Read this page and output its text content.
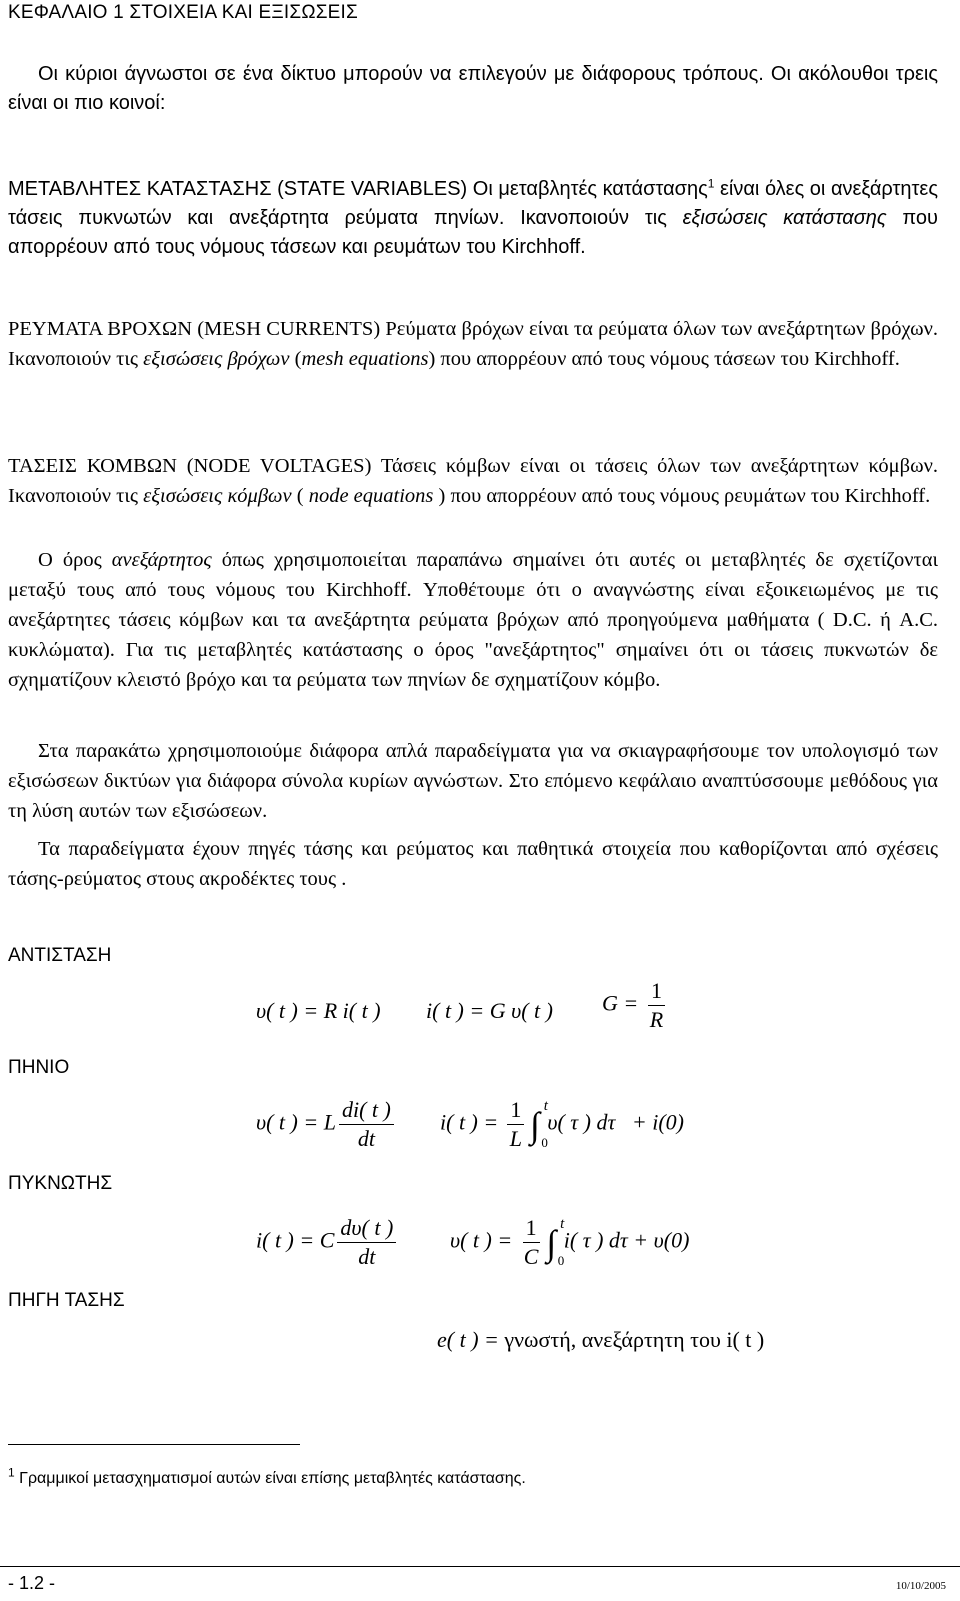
ΚΕΦΑΛΑΙΟ 1 ΣΤΟΙΧΕΙΑ ΚΑΙ ΕΞΙΣΩΣΕΙΣ

Οι κύριοι άγνωστοι σε ένα δίκτυο μπορούν να επιλεγούν με διάφορους τρόπους. Οι ακόλουθοι τρεις είναι οι πιο κοινοί:

ΜΕΤΑΒΛΗΤΕΣ ΚΑΤΑΣΤΑΣΗΣ (STATE VARIABLES) Οι μεταβλητές κατάστασης$^1$ είναι όλες οι ανεξάρτητες τάσεις πυκνωτών και ανεξάρτητα ρεύματα πηνίων. Ικανοποιούν τις εξισώσεις κατάστασης που απορρέουν από τους νόμους τάσεων και ρευμάτων του Kirchhoff.

ΡΕΥΜΑΤΑ ΒΡΟΧΩΝ (MESH CURRENTS) Ρεύματα βρόχων είναι τα ρεύματα όλων των ανεξάρτητων βρόχων. Ικανοποιούν τις εξισώσεις βρόχων (mesh equations) που απορρέουν από τους νόμους τάσεων του Kirchhoff.

ΤΑΣΕΙΣ ΚΟΜΒΩΝ (NODE VOLTAGES) Τάσεις κόμβων είναι οι τάσεις όλων των ανεξάρτητων κόμβων. Ικανοποιούν τις εξισώσεις κόμβων ( node equations ) που απορρέουν από τους νόμους ρευμάτων του Kirchhoff.

Ο όρος ανεξάρτητος όπως χρησιμοποιείται παραπάνω σημαίνει ότι αυτές οι μεταβλητές δε σχετίζονται μεταξύ τους από τους νόμους του Kirchhoff. Υποθέτουμε ότι ο αναγνώστης είναι εξοικειωμένος με τις ανεξάρτητες τάσεις κόμβων και τα ανεξάρτητα ρεύματα βρόχων από προηγούμενα μαθήματα ( D.C. ή A.C. κυκλώματα). Για τις μεταβλητές κατάστασης ο όρος "ανεξάρτητος" σημαίνει ότι οι τάσεις πυκνωτών δε σχηματίζουν κλειστό βρόχο και τα ρεύματα των πηνίων δε σχηματίζουν κόμβο.

Στα παρακάτω χρησιμοποιούμε διάφορα απλά παραδείγματα για να σκιαγραφήσουμε τον υπολογισμό των εξισώσεων δικτύων για διάφορα σύνολα κυρίων αγνώστων. Στο επόμενο κεφάλαιο αναπτύσσουμε μεθόδους για τη λύση αυτών των εξισώσεων.

Τα παραδείγματα έχουν πηγές τάσης και ρεύματος και παθητικά στοιχεία που καθορίζονται από σχέσεις τάσης-ρεύματος στους ακροδέκτες τους .

ΑΝΤΙΣΤΑΣΗ
ΠΗΝΙΟ
ΠΥΚΝΩΤΗΣ
ΠΗΓΗ ΤΑΣΗΣ
υ( t ) = R i( t ) i( t ) = G υ( t ) $G = \frac{1}{R}$
υ( t ) = L $\frac{di( t )}{dt} i$( t ) = $\frac{1}{L}$ ∫ t
0
υ( τ ) dτ + i(0)
i( t ) = C $\frac{d\upsilon( t )}{dt} \upsilon$( t ) = $\frac{1}{C}$ ∫ t
0
i( τ ) dτ + υ(0)
e( t ) = γνωστή, ανεξάρτητη του i( t )
$^1$ Γραμμικοί μετασχηματισμοί αυτών είναι επίσης μεταβλητές κατάστασης.
- 1.2 -	10/10/2005
